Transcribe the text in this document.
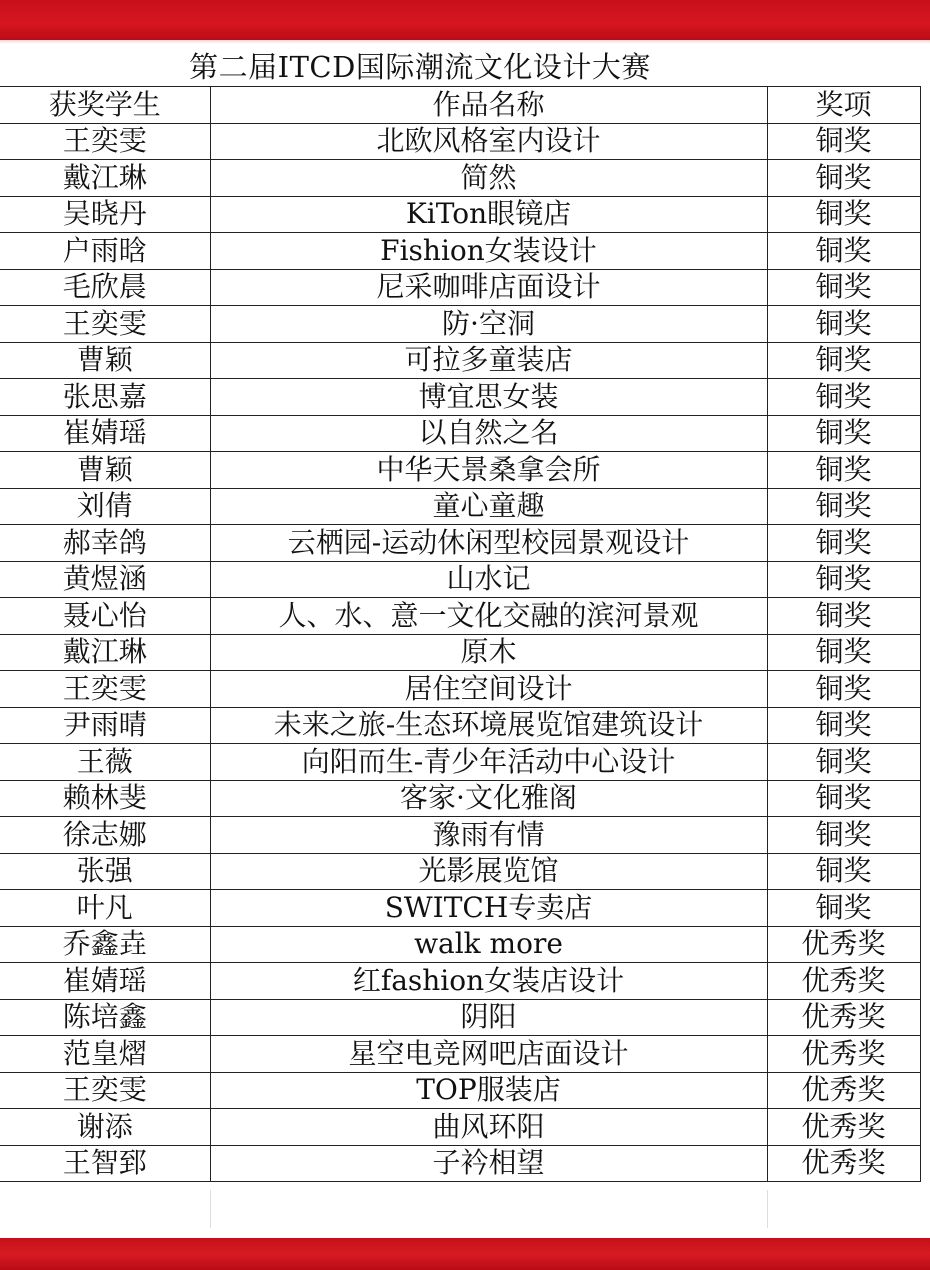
第二届ITCD国际潮流文化设计大赛
获奖学生	作品名称	奖项
王奕雯	北欧风格室内设计	铜奖
戴江琳	简然	铜奖
吴晓丹	KiTon眼镜店	铜奖
户雨晗	Fishion女装设计	铜奖
毛欣晨	尼采咖啡店面设计	铜奖
王奕雯	防·空洞	铜奖
曹颖	可拉多童装店	铜奖
张思嘉	博宜思女装	铜奖
崔婧瑶	以自然之名	铜奖
曹颖	中华天景桑拿会所	铜奖
刘倩	童心童趣	铜奖
郝幸鸽	云栖园-运动休闲型校园景观设计	铜奖
黄煜涵	山水记	铜奖
聂心怡	人、水、意一文化交融的滨河景观	铜奖
戴江琳	原木	铜奖
王奕雯	居住空间设计	铜奖
尹雨晴	未来之旅-生态环境展览馆建筑设计	铜奖
王薇	向阳而生-青少年活动中心设计	铜奖
赖林斐	客家·文化雅阁	铜奖
徐志娜	豫雨有情	铜奖
张强	光影展览馆	铜奖
叶凡	SWITCH专卖店	铜奖
乔鑫垚	walk more	优秀奖
崔婧瑶	红fashion女装店设计	优秀奖
陈培鑫	阴阳	优秀奖
范皇熠	星空电竞网吧店面设计	优秀奖
王奕雯	TOP服装店	优秀奖
谢添	曲风环阳	优秀奖
王智郅	子衿相望	优秀奖
